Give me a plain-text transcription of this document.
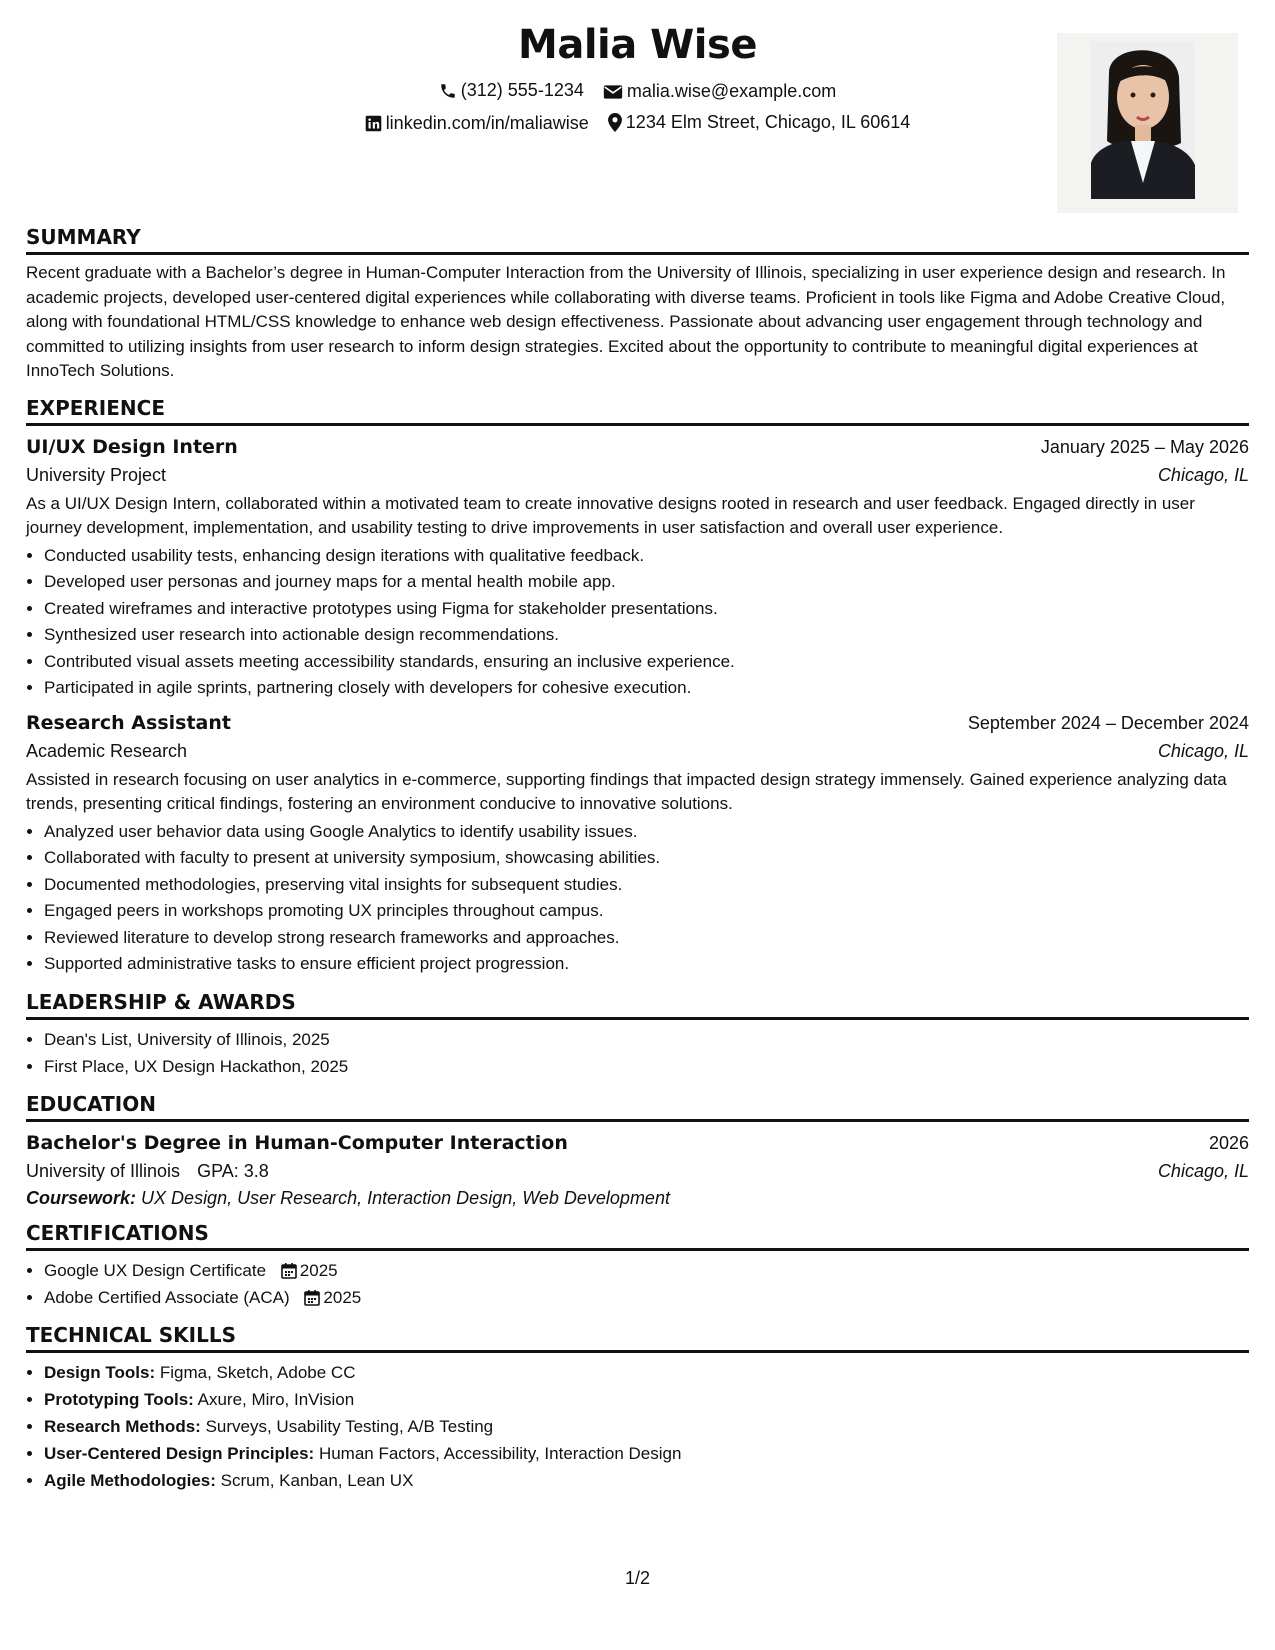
Malia Wise
(312) 555-1234
malia.wise@example.com
linkedin.com/in/maliawise
1234 Elm Street, Chicago, IL 60614
SUMMARY

Recent graduate with a Bachelor’s degree in Human-Computer Interaction from the University of Illinois, specializing in user experience design and research. In academic projects, developed user-centered digital experiences while collaborating with diverse teams. Proficient in tools like Figma and Adobe Creative Cloud, along with foundational HTML/CSS knowledge to enhance web design effectiveness. Passionate about advancing user engagement through technology and committed to utilizing insights from user research to inform design strategies. Excited about the opportunity to contribute to meaningful digital experiences at InnoTech Solutions.

EXPERIENCE
UI/UX Design Intern	January 2025 – May 2026
University Project	Chicago, IL

As a UI/UX Design Intern, collaborated within a motivated team to create innovative designs rooted in research and user feedback. Engaged directly in user journey development, implementation, and usability testing to drive improvements in user satisfaction and overall user experience.

• Conducted usability tests, enhancing design iterations with qualitative feedback.
• Developed user personas and journey maps for a mental health mobile app.
• Created wireframes and interactive prototypes using Figma for stakeholder presentations.
• Synthesized user research into actionable design recommendations.
• Contributed visual assets meeting accessibility standards, ensuring an inclusive experience.
• Participated in agile sprints, partnering closely with developers for cohesive execution.
Research Assistant	September 2024 – December 2024
Academic Research	Chicago, IL

Assisted in research focusing on user analytics in e-commerce, supporting findings that impacted design strategy immensely. Gained experience analyzing data trends, presenting critical findings, fostering an environment conducive to innovative solutions.

• Analyzed user behavior data using Google Analytics to identify usability issues.
• Collaborated with faculty to present at university symposium, showcasing abilities.
• Documented methodologies, preserving vital insights for subsequent studies.
• Engaged peers in workshops promoting UX principles throughout campus.
• Reviewed literature to develop strong research frameworks and approaches.
• Supported administrative tasks to ensure efficient project progression.
LEADERSHIP & AWARDS
• Dean's List, University of Illinois, 2025
• First Place, UX Design Hackathon, 2025
EDUCATION
Bachelor's Degree in Human-Computer Interaction	2026
University of Illinois GPA: 3.8	Chicago, IL
Coursework: UX Design, User Research, Interaction Design, Web Development
CERTIFICATIONS
• Google UX Design Certificate 2025
• Adobe Certified Associate (ACA) 2025
TECHNICAL SKILLS
• Design Tools: Figma, Sketch, Adobe CC
• Prototyping Tools: Axure, Miro, InVision
• Research Methods: Surveys, Usability Testing, A/B Testing
• User-Centered Design Principles: Human Factors, Accessibility, Interaction Design
• Agile Methodologies: Scrum, Kanban, Lean UX
1/2
